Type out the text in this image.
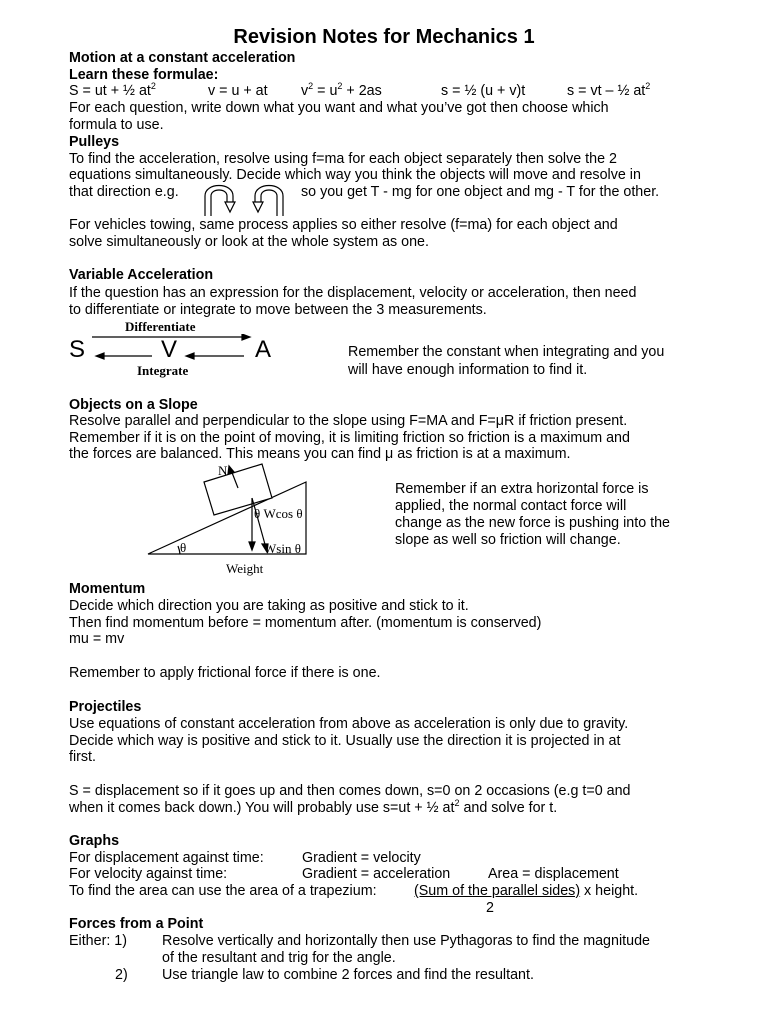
Revision Notes for Mechanics 1
Motion at a constant acceleration
Learn these formulae:
S = ut + ½ $at^2$	v = u + at $v^2 = u^2 + 2as$	s = ½ (u + v)t	s = vt – ½ $at^2$
For each question, write down what you want and what you’ve got then choose which
formula to use.
Pulleys
To find the acceleration, resolve using f=ma for each object separately then solve the 2
equations simultaneously. Decide which way you think the objects will move and resolve in
that direction e.g.	so you get T - mg for one object and mg - T for the other.
For vehicles towing, same process applies so either resolve (f=ma) for each object and
solve simultaneously or look at the whole system as one.
Variable Acceleration
If the question has an expression for the displacement, velocity or acceleration, then need
to differentiate or integrate to move between the 3 measurements.
Differentiate
S	V	A
Integrate
Remember the constant when integrating and you
will have enough information to find it.
Objects on a Slope
Resolve parallel and perpendicular to the slope using F=MA and F=μR if friction present.
Remember if it is on the point of moving, it is limiting friction so friction is a maximum and
the forces are balanced. This means you can find μ as friction is at a maximum.
N
θ Wcos θ
Wsin θ
θ
Weight
Remember if an extra horizontal force is
applied, the normal contact force will
change as the new force is pushing into the
slope as well so friction will change.
Momentum
Decide which direction you are taking as positive and stick to it.
Then find momentum before = momentum after. (momentum is conserved)
mu = mv
Remember to apply frictional force if there is one.
Projectiles
Use equations of constant acceleration from above as acceleration is only due to gravity.
Decide which way is positive and stick to it. Usually use the direction it is projected in at
first.
S = displacement so if it goes up and then comes down, s=0 on 2 occasions (e.g t=0 and
when it comes back down.) You will probably use s=ut + ½ $at^2$ and solve for t.
Graphs
For displacement against time:	Gradient = velocity
For velocity against time:	Gradient = acceleration	Area = displacement
To find the area can use the area of a trapezium:	(Sum of the parallel sides) x height.
2
Forces from a Point
Either: 1) Resolve vertically and horizontally then use Pythagoras to find the magnitude
of the resultant and trig for the angle.
2) Use triangle law to combine 2 forces and find the resultant.
